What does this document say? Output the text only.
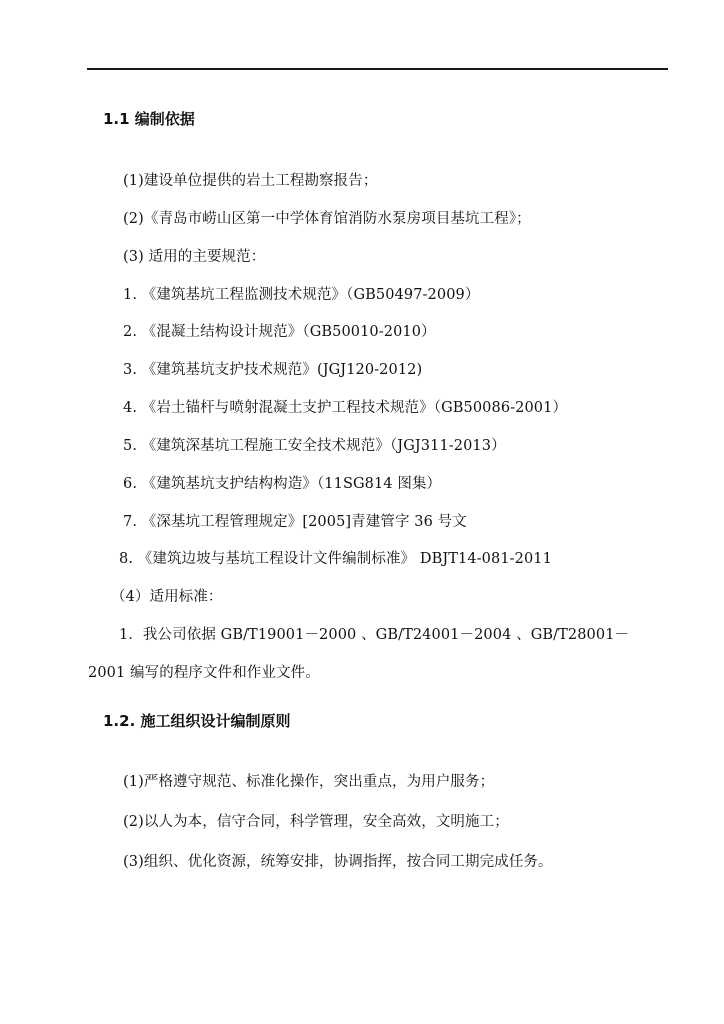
1.1 编制依据
(1)建设单位提供的岩土工程勘察报告；
(2)《青岛市崂山区第一中学体育馆消防水泵房项目基坑工程》；
(3) 适用的主要规范：
1. 《建筑基坑工程监测技术规范》（GB50497-2009）
2. 《混凝土结构设计规范》（GB50010-2010）
3. 《建筑基坑支护技术规范》(JGJ120-2012)
4. 《岩土锚杆与喷射混凝土支护工程技术规范》（GB50086-2001）
5. 《建筑深基坑工程施工安全技术规范》（JGJ311-2013）
6. 《建筑基坑支护结构构造》（11SG814 图集）
7. 《深基坑工程管理规定》[2005]青建管字 36 号文
8. 《建筑边坡与基坑工程设计文件编制标准》 DBJT14-081-2011
（4）适用标准：
1．我公司依据 GB/T19001－2000 、GB/T24001－2004 、GB/T28001－
2001 编写的程序文件和作业文件。
1.2. 施工组织设计编制原则
(1)严格遵守规范、标准化操作，突出重点，为用户服务；
(2)以人为本，信守合同，科学管理，安全高效，文明施工；
(3)组织、优化资源，统筹安排，协调指挥，按合同工期完成任务。
